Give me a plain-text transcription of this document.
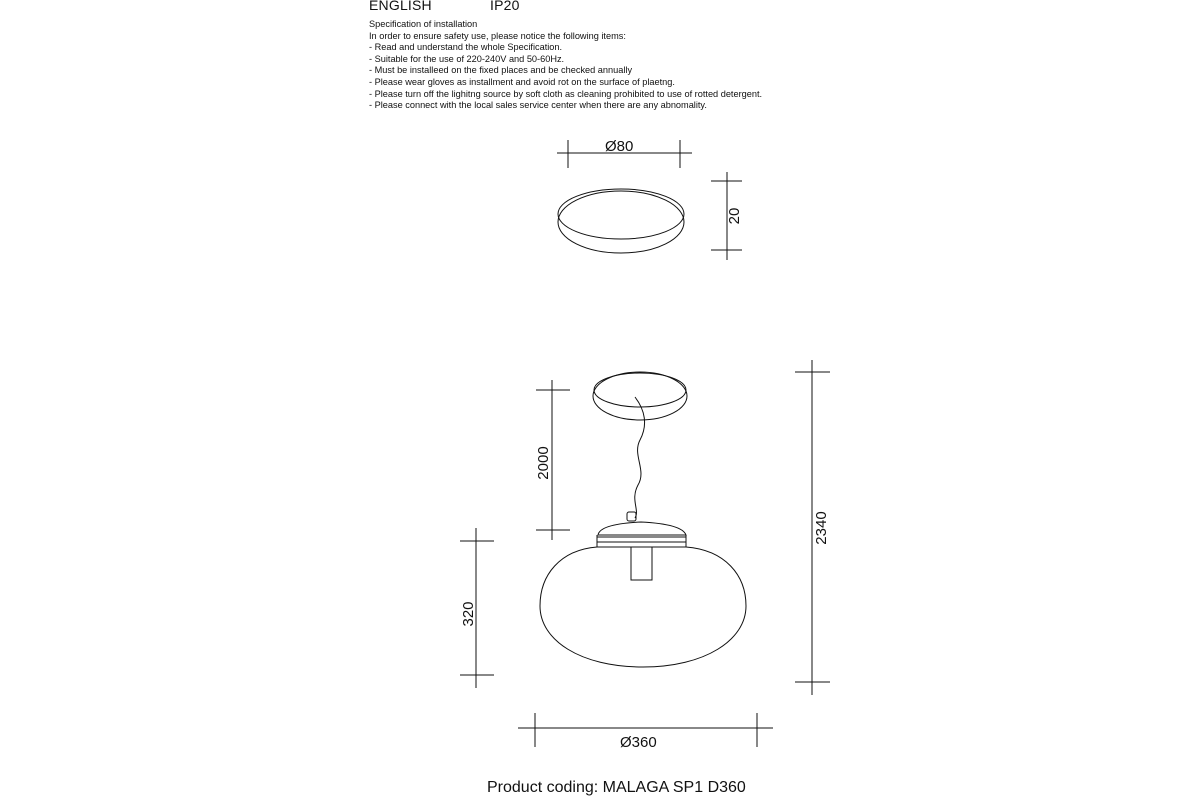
ENGLISH	IP20
Specification of installation
In order to ensure safety use, please notice the following items:
- Read and understand the whole Specification.
- Suitable for the use of 220-240V and 50-60Hz.
- Must be installeed on the fixed places and be checked annually
- Please wear gloves as installment and avoid rot on the surface of plaetng.
- Please turn off the lighitng source by soft cloth as cleaning prohibited to use of rotted detergent.
- Please connect with the local sales service center when there are any abnomality.
Ø80
20
2000
320
2340
Ø360
Product coding: MALAGA SP1 D360
